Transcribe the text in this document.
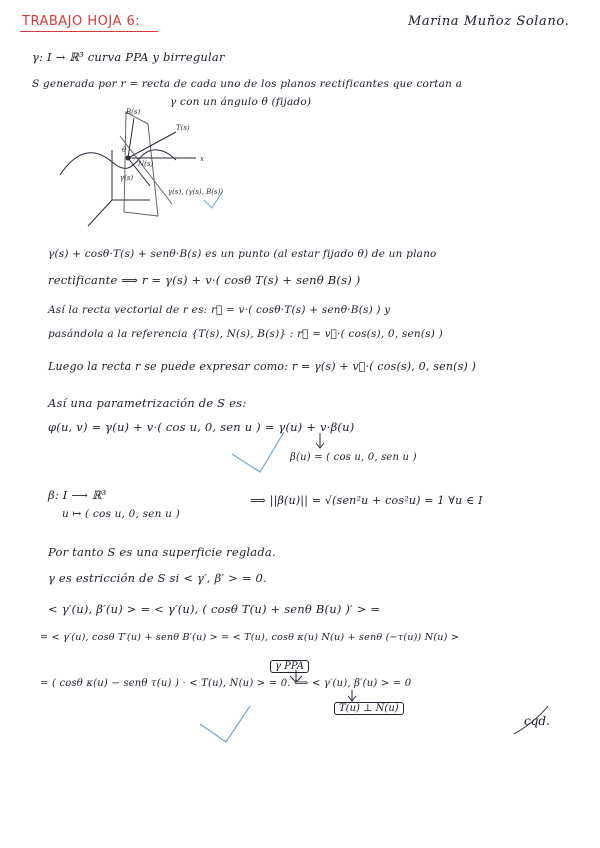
TRABAJO HOJA 6:	Marina Muñoz Solano.
γ: I → ℝ³ curva PPA y birregular
S generada por r = recta de cada uno de los planos rectificantes que cortan a
γ con un ángulo θ (fijado)
γ(s) + cosθ·T(s) + senθ·B(s) es un punto (al estar fijado θ) de un plano
rectificante ⟹ r = γ(s) + v·( cosθ T(s) + senθ B(s) )
Así la recta vectorial de r es: r⃗ = v·( cosθ·T(s) + senθ·B(s) ) y
pasándola a la referencia {T(s), N(s), B(s)} : r⃗ = v⃗·( cos(s), 0, sen(s) )
Luego la recta r se puede expresar como: r = γ(s) + v⃗·( cos(s), 0, sen(s) )
Así una parametrización de S es:
φ(u, v) = γ(u) + v·( cos u, 0, sen u ) = γ(u) + v·β(u)
β(u) = ( cos u, 0, sen u )
β: I ⟶ ℝ³
u ↦ ( cos u, 0, sen u )
⟹ ||β(u)|| = √(sen²u + cos²u) = 1 ∀u ∈ I
Por tanto S es una superficie reglada.
γ es estricción de S si < γ′, β′ > = 0.
< γ′(u), β′(u) > = < γ′(u), ( cosθ T(u) + senθ B(u) )′ > =
= < γ′(u), cosθ T′(u) + senθ B′(u) > = < T(u), cosθ κ(u) N(u) + senθ (−τ(u)) N(u) >
= ( cosθ κ(u) − senθ τ(u) ) · < T(u), N(u) > = 0. ⟺ < γ′(u), β′(u) > = 0
γ PPA
T(u) ⊥ N(u)
cqd.
B(s)
T(s)
x
θ
N(s)
γ(s)
γ(s), (γ(s), B(s))
